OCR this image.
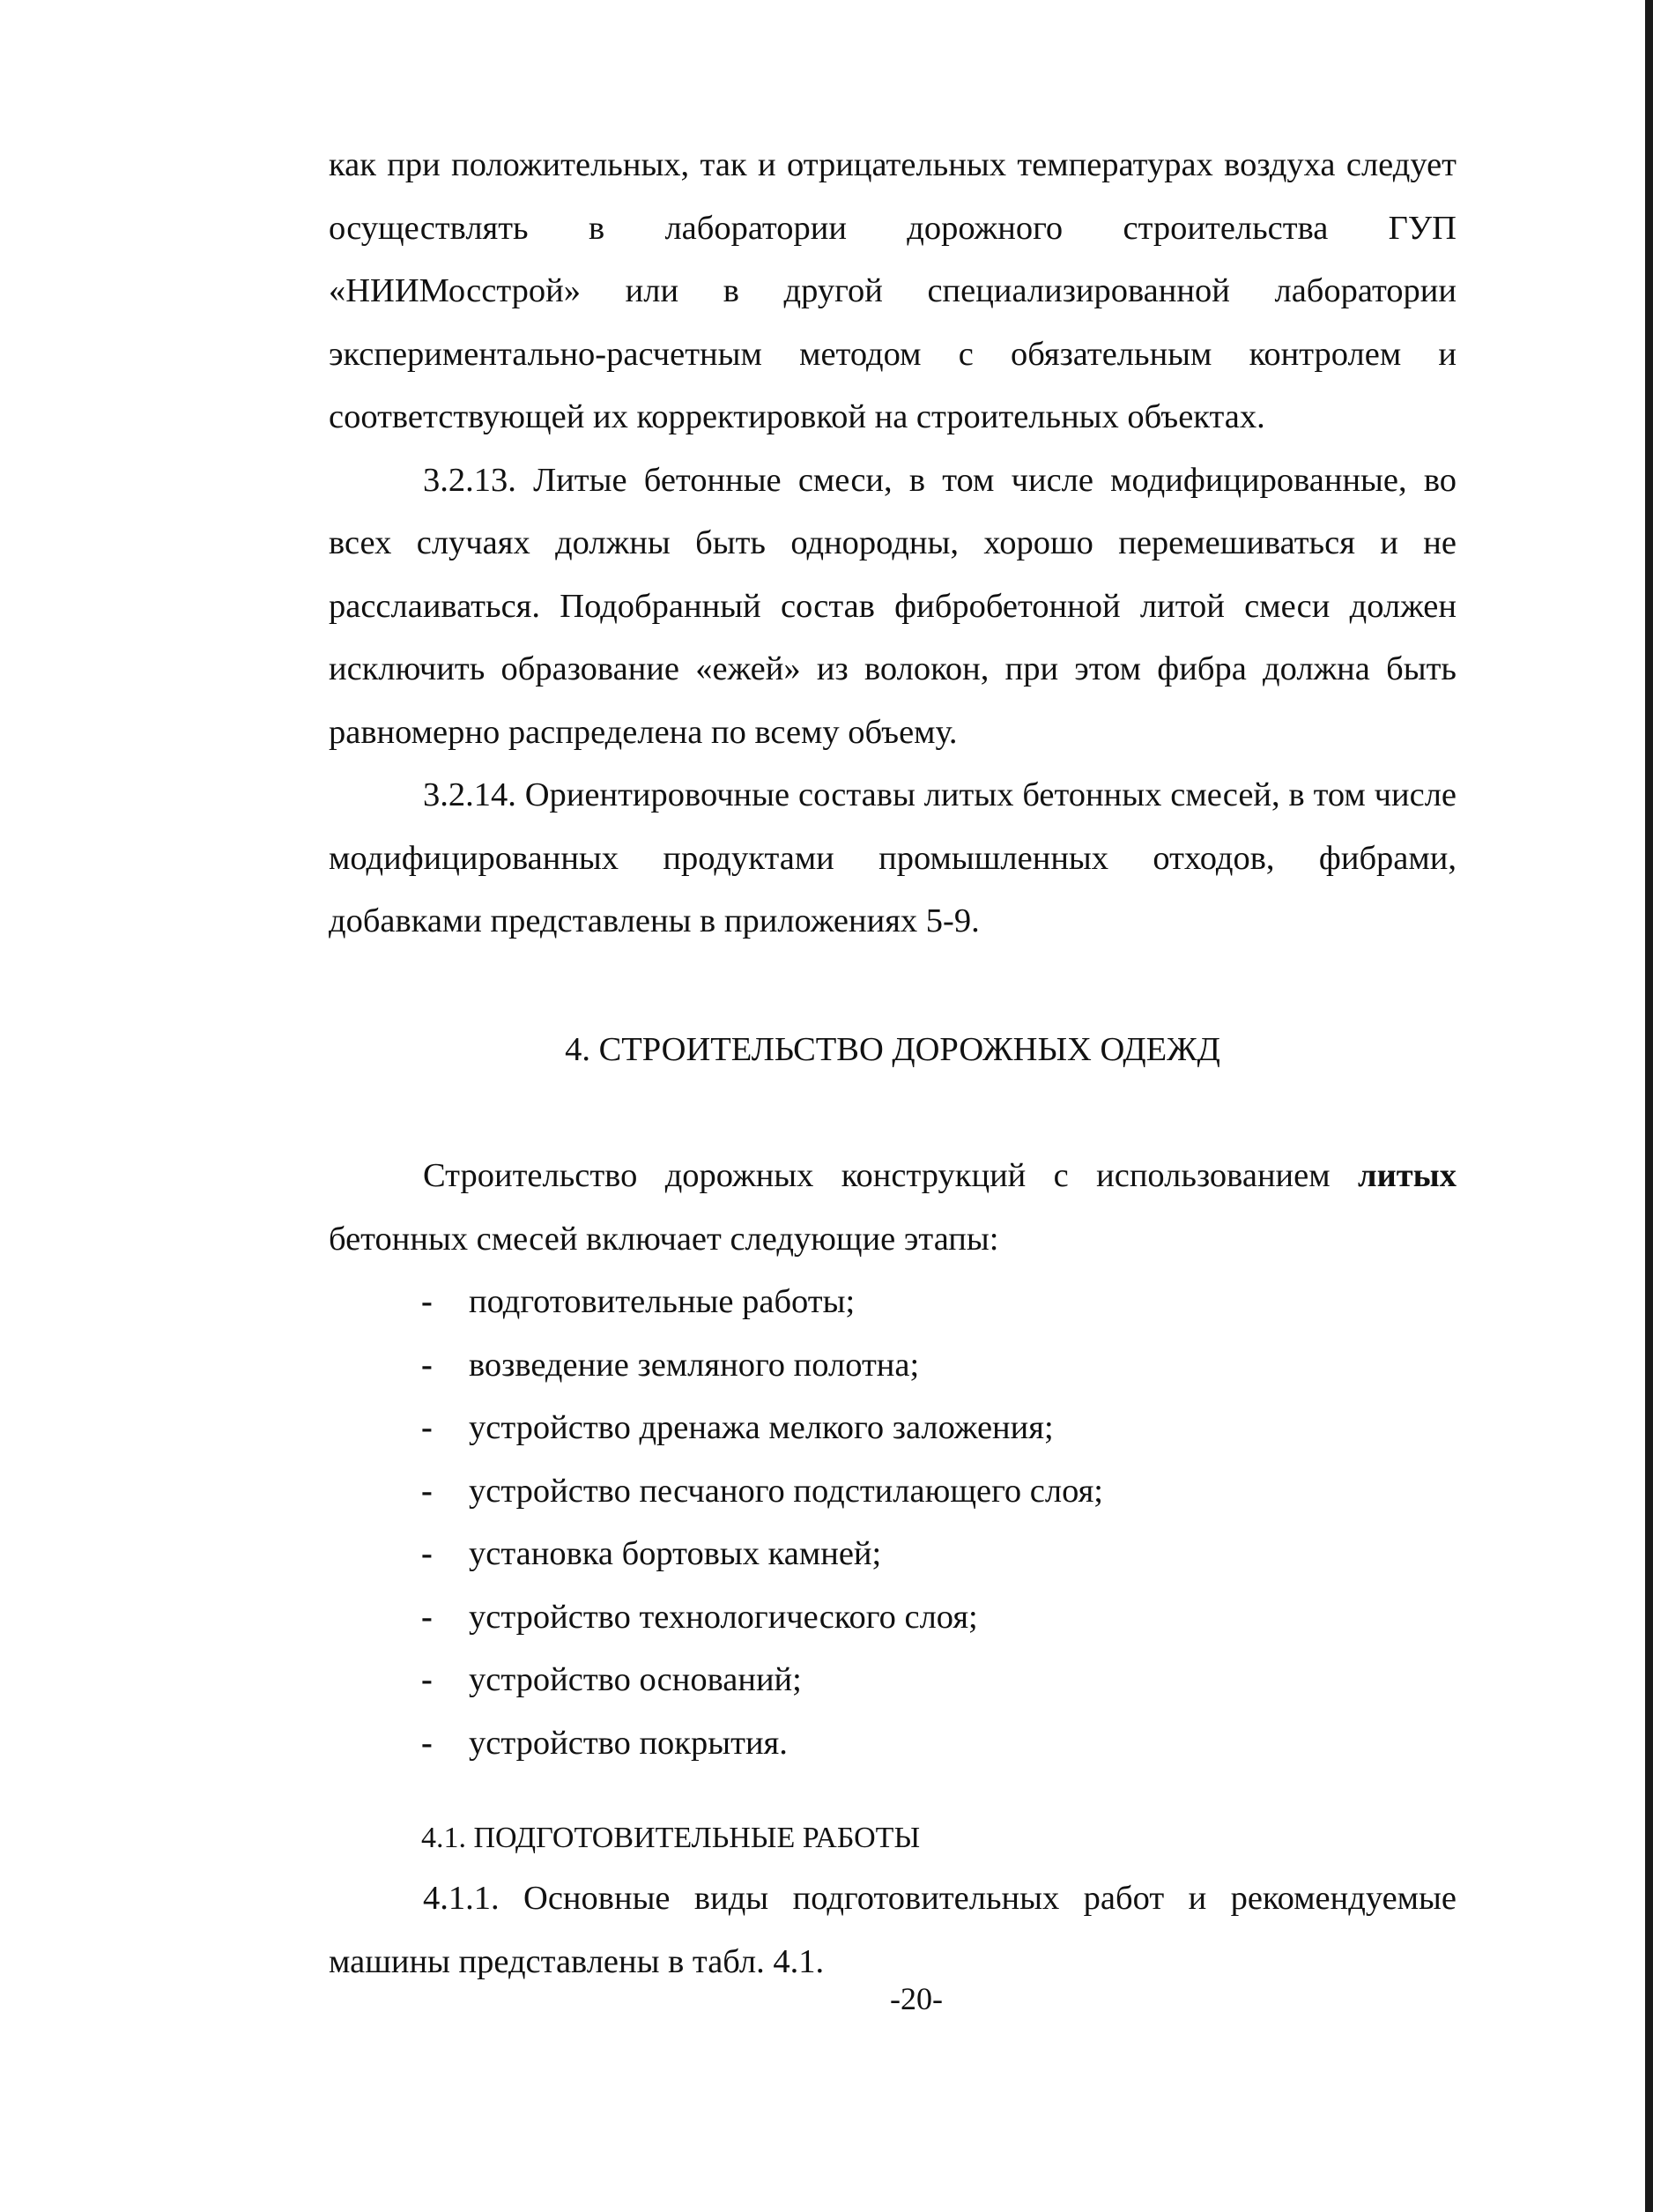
как при положительных, так и отрицательных температурах воздуха следует осуществлять в лаборатории дорожного строительства ГУП «НИИМосстрой» или в другой специализированной лаборатории экспериментально-расчетным методом с обязательным контролем и соответствующей их корректировкой на строительных объектах.

3.2.13. Литые бетонные смеси, в том числе модифицированные, во всех случаях должны быть однородны, хорошо перемешиваться и не расслаиваться. Подобранный состав фибробетонной литой смеси должен исключить образование «ежей» из волокон, при этом фибра должна быть равномерно распределена по всему объему.

3.2.14. Ориентировочные составы литых бетонных смесей, в том числе модифицированных продуктами промышленных отходов, фибрами, добавками представлены в приложениях 5-9.

4. СТРОИТЕЛЬСТВО ДОРОЖНЫХ ОДЕЖД

Строительство дорожных конструкций с использованием литых бетонных смесей включает следующие этапы:

-	подготовительные работы;
-	возведение земляного полотна;
-	устройство дренажа мелкого заложения;
-	устройство песчаного подстилающего слоя;
-	установка бортовых камней;
-	устройство технологического слоя;
-	устройство оснований;
-	устройство покрытия.
4.1. ПОДГОТОВИТЕЛЬНЫЕ РАБОТЫ

4.1.1. Основные виды подготовительных работ и рекомендуемые машины представлены в табл. 4.1.

-20-
